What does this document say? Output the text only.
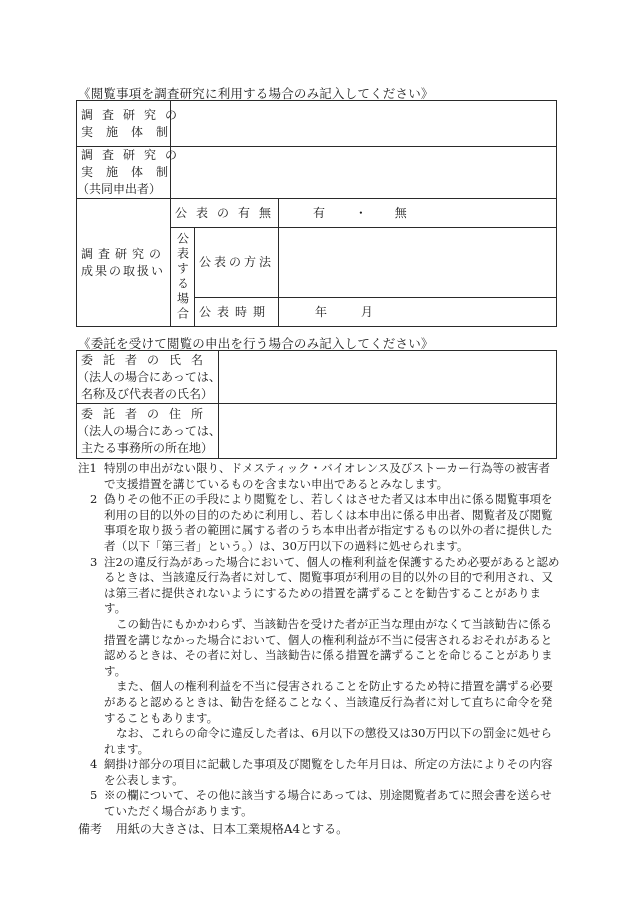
《閲覧事項を調査研究に利用する場合のみ記入してください》
調査研究の
実施体制			

調査研究の
実施体制
（共同申出者）			

調査研究の
成果の取扱い	公表の有無		有 ・ 無

	公表する場合	公表の方法	
		公表時期	年 月
《委託を受けて閲覧の申出を行う場合のみ記入してください》
委託者の氏名
（法人の場合にあっては、
名称及び代表者の氏名）	

委託者の住所
（法人の場合にあっては、
主たる事務所の所在地）	

注1 特別の申出がない限り、ドメスティック・バイオレンス及びストーカー行為等の被害者で支援措置を講じているものを含まない申出であるとみなします。
2 偽りその他不正の手段により閲覧をし、若しくはさせた者又は本申出に係る閲覧事項を利用の目的以外の目的のために利用し、若しくは本申出に係る申出者、閲覧者及び閲覧事項を取り扱う者の範囲に属する者のうち本申出者が指定するもの以外の者に提供した者（以下「第三者」という。）は、30万円以下の過料に処せられます。
3 注2の違反行為があった場合において、個人の権利利益を保護するため必要があると認めるときは、当該違反行為者に対して、閲覧事項が利用の目的以外の目的で利用され、又は第三者に提供されないようにするための措置を講ずることを勧告することがあります。
この勧告にもかかわらず、当該勧告を受けた者が正当な理由がなくて当該勧告に係る措置を講じなかった場合において、個人の権利利益が不当に侵害されるおそれがあると認めるときは、その者に対し、当該勧告に係る措置を講ずることを命じることがあります。
また、個人の権利利益を不当に侵害されることを防止するため特に措置を講ずる必要があると認めるときは、勧告を経ることなく、当該違反行為者に対して直ちに命令を発することもあります。
なお、これらの命令に違反した者は、6月以下の懲役又は30万円以下の罰金に処せられます。
4 網掛け部分の項目に記載した事項及び閲覧をした年月日は、所定の方法によりその内容を公表します。
5 ※の欄について、その他に該当する場合にあっては、別途閲覧者あてに照会書を送らせていただく場合があります。
備考 用紙の大きさは、日本工業規格A4とする。
